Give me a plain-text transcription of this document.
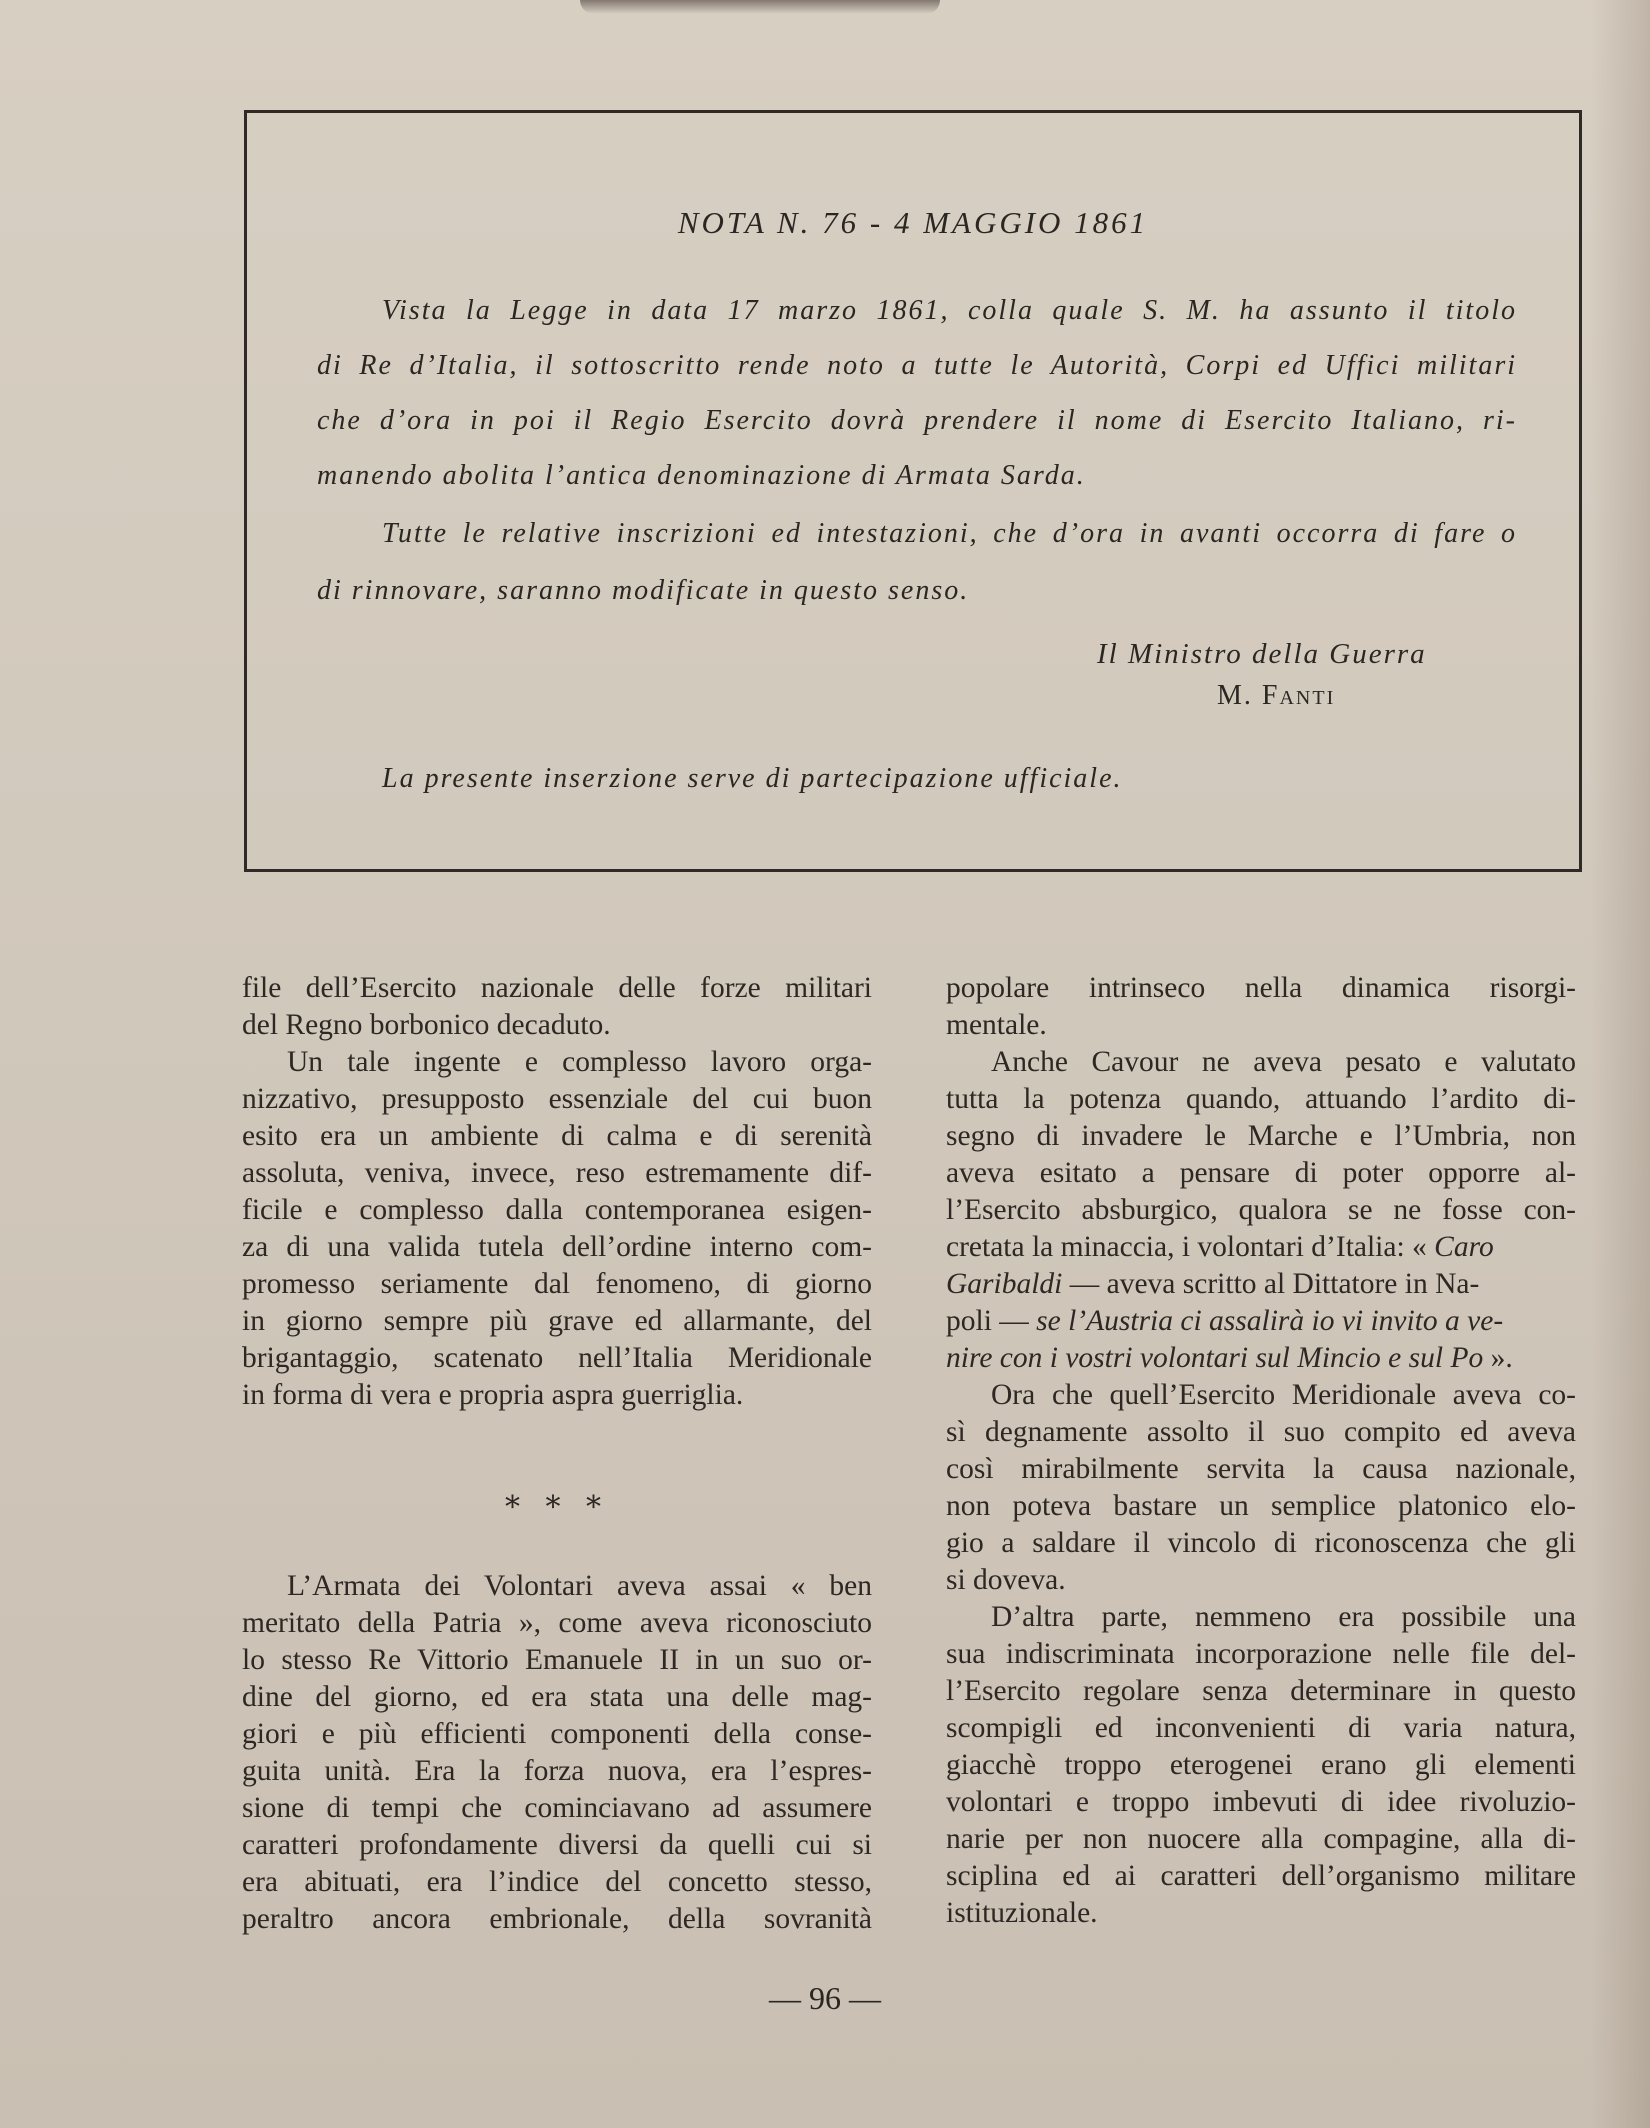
NOTA N. 76 - 4 MAGGIO 1861
Vista la Legge in data 17 marzo 1861, colla quale S. M. ha assunto il titolo
di Re d’Italia, il sottoscritto rende noto a tutte le Autorità, Corpi ed Uffici militari
che d’ora in poi il Regio Esercito dovrà prendere il nome di Esercito Italiano, ri-
manendo abolita l’antica denominazione di Armata Sarda.
Tutte le relative inscrizioni ed intestazioni, che d’ora in avanti occorra di fare o
di rinnovare, saranno modificate in questo senso.
Il Ministro della Guerra
M. Fanti
La presente inserzione serve di partecipazione ufficiale.
file dell’Esercito nazionale delle forze militari
del Regno borbonico decaduto.
Un tale ingente e complesso lavoro orga-
nizzativo, presupposto essenziale del cui buon
esito era un ambiente di calma e di serenità
assoluta, veniva, invece, reso estremamente dif-
ficile e complesso dalla contemporanea esigen-
za di una valida tutela dell’ordine interno com-
promesso seriamente dal fenomeno, di giorno
in giorno sempre più grave ed allarmante, del
brigantaggio, scatenato nell’Italia Meridionale
in forma di vera e propria aspra guerriglia.
* * *
L’Armata dei Volontari aveva assai « ben
meritato della Patria », come aveva riconosciuto
lo stesso Re Vittorio Emanuele II in un suo or-
dine del giorno, ed era stata una delle mag-
giori e più efficienti componenti della conse-
guita unità. Era la forza nuova, era l’espres-
sione di tempi che cominciavano ad assumere
caratteri profondamente diversi da quelli cui si
era abituati, era l’indice del concetto stesso,
peraltro ancora embrionale, della sovranità
popolare intrinseco nella dinamica risorgi-
mentale.
Anche Cavour ne aveva pesato e valutato
tutta la potenza quando, attuando l’ardito di-
segno di invadere le Marche e l’Umbria, non
aveva esitato a pensare di poter opporre al-
l’Esercito absburgico, qualora se ne fosse con-
cretata la minaccia, i volontari d’Italia: « Caro
Garibaldi — aveva scritto al Dittatore in Na-
poli — se l’Austria ci assalirà io vi invito a ve-
nire con i vostri volontari sul Mincio e sul Po ».
Ora che quell’Esercito Meridionale aveva co-
sì degnamente assolto il suo compito ed aveva
così mirabilmente servita la causa nazionale,
non poteva bastare un semplice platonico elo-
gio a saldare il vincolo di riconoscenza che gli
si doveva.
D’altra parte, nemmeno era possibile una
sua indiscriminata incorporazione nelle file del-
l’Esercito regolare senza determinare in questo
scompigli ed inconvenienti di varia natura,
giacchè troppo eterogenei erano gli elementi
volontari e troppo imbevuti di idee rivoluzio-
narie per non nuocere alla compagine, alla di-
sciplina ed ai caratteri dell’organismo militare
istituzionale.
— 96 —
